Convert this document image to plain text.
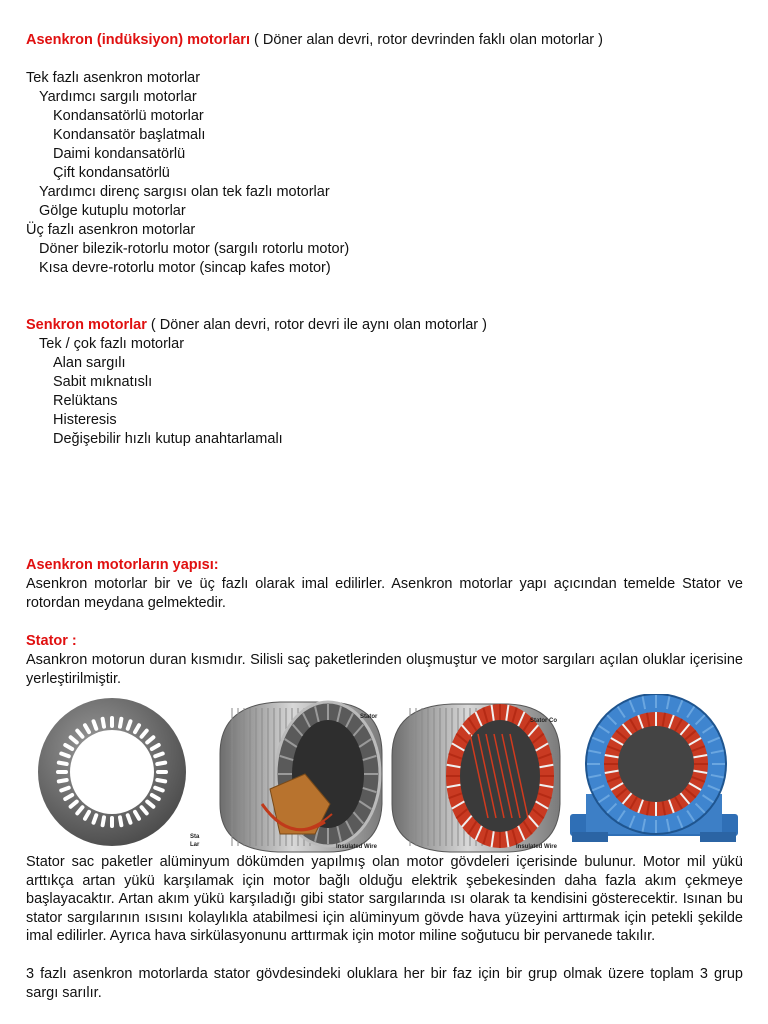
Asenkron (indüksiyon) motorları ( Döner alan devri, rotor devrinden faklı olan motorlar )
Tek fazlı asenkron motorlar
Yardımcı sargılı motorlar
Kondansatörlü motorlar
Kondansatör başlatmalı
Daimi kondansatörlü
Çift kondansatörlü
Yardımcı direnç sargısı olan tek fazlı motorlar
Gölge kutuplu motorlar
Üç fazlı asenkron motorlar
Döner bilezik-rotorlu motor (sargılı rotorlu motor)
Kısa devre-rotorlu motor (sincap kafes motor)
Senkron motorlar ( Döner alan devri, rotor devri ile aynı olan motorlar )
Tek / çok fazlı motorlar
Alan sargılı
Sabit mıknatıslı
Relüktans
Histeresis
Değişebilir hızlı kutup anahtarlamalı
Asenkron motorların yapısı:
Asenkron motorlar bir ve üç fazlı olarak imal edilirler. Asenkron motorlar yapı açıcından temelde Stator ve rotordan meydana gelmektedir.
Stator :
Asankron motorun duran kısmıdır. Silisli saç paketlerinden oluşmuştur ve motor sargıları açılan oluklar içerisine yerleştirilmiştir.
Sta
Lar
Stator
Insulated Wire
Stator Co
Insulated Wire
Stator sac paketler alüminyum dökümden yapılmış olan motor gövdeleri içerisinde bulunur. Motor mil yükü arttıkça artan yükü karşılamak için motor bağlı olduğu elektrik şebekesinden daha fazla akım çekmeye başlayacaktır. Artan akım yükü karşıladığı gibi stator sargılarında ısı olarak ta kendisini gösterecektir. Isınan bu stator sargılarının ısısını kolaylıkla atabilmesi için alüminyum gövde hava yüzeyini arttırmak için petekli şekilde imal edilirler. Ayrıca hava sirkülasyonunu arttırmak için motor miline soğutucu bir pervanede takılır.
3 fazlı asenkron motorlarda stator gövdesindeki oluklara her bir faz için bir grup olmak üzere toplam 3 grup sargı sarılır.
